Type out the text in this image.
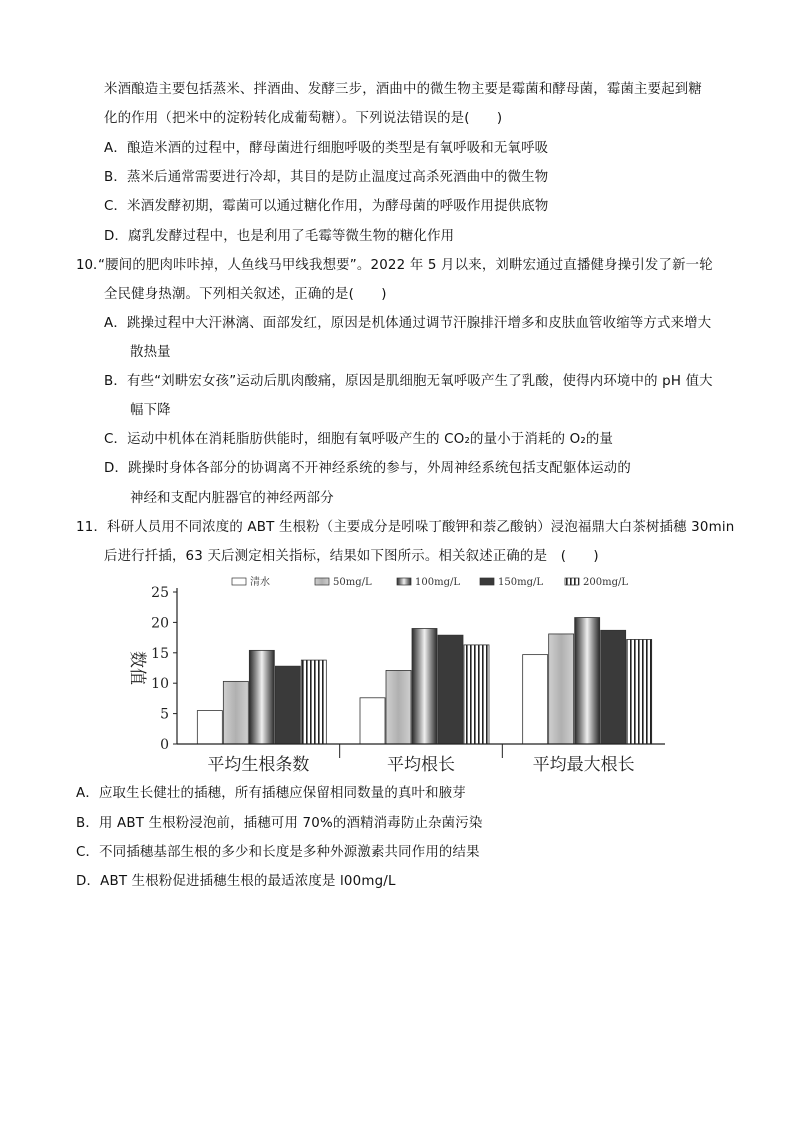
米酒酿造主要包括蒸米、拌酒曲、发酵三步，酒曲中的微生物主要是霉菌和酵母菌，霉菌主要起到糖
化的作用（把米中的淀粉转化成葡萄糖）。下列说法错误的是(　　)
A．酿造米酒的过程中，酵母菌进行细胞呼吸的类型是有氧呼吸和无氧呼吸
B．蒸米后通常需要进行冷却，其目的是防止温度过高杀死酒曲中的微生物
C．米酒发酵初期，霉菌可以通过糖化作用，为酵母菌的呼吸作用提供底物
D．腐乳发酵过程中，也是利用了毛霉等微生物的糖化作用
10．
“腰间的肥肉咔咔掉，人鱼线马甲线我想要”。2022 年 5 月以来，刘畊宏通过直播健身操引发了新一轮
全民健身热潮。下列相关叙述，正确的是(　　)
A．跳操过程中大汗淋漓、面部发红，原因是机体通过调节汗腺排汗增多和皮肤血管收缩等方式来增大
散热量
B．有些“刘畊宏女孩”运动后肌肉酸痛，原因是肌细胞无氧呼吸产生了乳酸，使得内环境中的 pH 值大
幅下降
C．运动中机体在消耗脂肪供能时，细胞有氧呼吸产生的 CO₂的量小于消耗的 O₂的量
D．跳操时身体各部分的协调离不开神经系统的参与，外周神经系统包括支配躯体运动的
神经和支配内脏器官的神经两部分
11．科研人员用不同浓度的 ABT 生根粉（主要成分是吲哚丁酸钾和萘乙酸钠）浸泡福鼎大白茶树插穗 30min
后进行扦插，63 天后测定相关指标，结果如下图所示。相关叙述正确的是　(　　)
清水	50mg/L	100mg/L	150mg/L	200mg/L
0
5
10
15
20
25
平均生根条数	平均根长	平均最大根长
数值
A．应取生长健壮的插穗，所有插穗应保留相同数量的真叶和腋芽
B．用 ABT 生根粉浸泡前，插穗可用 70%的酒精消毒防止杂菌污染
C．不同插穗基部生根的多少和长度是多种外源激素共同作用的结果
D．ABT 生根粉促进插穗生根的最适浓度是 l00mg/L
